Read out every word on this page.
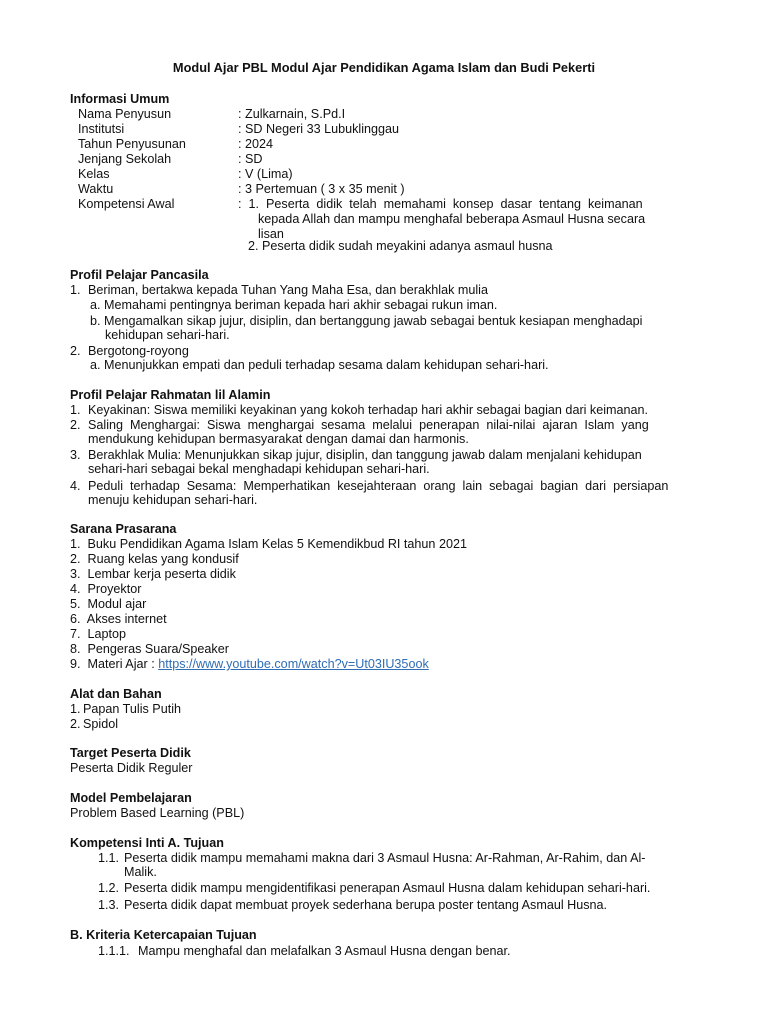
Modul Ajar PBL Modul Ajar Pendidikan Agama Islam dan Budi Pekerti
Informasi Umum
Nama Penyusun	: Zulkarnain, S.Pd.I
Institutsi	: SD Negeri 33 Lubuklinggau
Tahun Penyusunan	: 2024
Jenjang Sekolah	: SD
Kelas	: V (Lima)
Waktu	: 3 Pertemuan ( 3 x 35 menit )
Kompetensi Awal	:  1.  Peserta  didik  telah  memahami  konsep  dasar  tentang  keimanan
kepada Allah dan mampu menghafal beberapa Asmaul Husna secara
lisan
2. Peserta didik sudah meyakini adanya asmaul husna
Profil Pelajar Pancasila
1. Beriman, bertakwa kepada Tuhan Yang Maha Esa, dan berakhlak mulia
a. Memahami pentingnya beriman kepada hari akhir sebagai rukun iman.
b. Mengamalkan sikap jujur, disiplin, dan bertanggung jawab sebagai bentuk kesiapan menghadapi
kehidupan sehari-hari.
2. Bergotong-royong
a. Menunjukkan empati dan peduli terhadap sesama dalam kehidupan sehari-hari.
Profil Pelajar Rahmatan lil Alamin
1. Keyakinan: Siswa memiliki keyakinan yang kokoh terhadap hari akhir sebagai bagian dari keimanan.
2. Saling  Menghargai:  Siswa  menghargai  sesama  melalui  penerapan  nilai-nilai  ajaran  Islam  yang
mendukung kehidupan bermasyarakat dengan damai dan harmonis.
3. Berakhlak Mulia: Menunjukkan sikap jujur, disiplin, dan tanggung jawab dalam menjalani kehidupan
sehari-hari sebagai bekal menghadapi kehidupan sehari-hari.
4. Peduli  terhadap  Sesama:  Memperhatikan  kesejahteraan  orang  lain  sebagai  bagian  dari  persiapan
menuju kehidupan sehari-hari.
Sarana Prasarana
1.  Buku Pendidikan Agama Islam Kelas 5 Kemendikbud RI tahun 2021
2.  Ruang kelas yang kondusif
3.  Lembar kerja peserta didik
4.  Proyektor
5.  Modul ajar
6.  Akses internet
7.  Laptop
8.  Pengeras Suara/Speaker
9.  Materi Ajar : https://www.youtube.com/watch?v=Ut03IU35ook
Alat dan Bahan
1. Papan Tulis Putih
2. Spidol
Target Peserta Didik
Peserta Didik Reguler
Model Pembelajaran
Problem Based Learning (PBL)
Kompetensi Inti A. Tujuan
1.1. Peserta didik mampu memahami makna dari 3 Asmaul Husna: Ar-Rahman, Ar-Rahim, dan Al-
Malik.
1.2. Peserta didik mampu mengidentifikasi penerapan Asmaul Husna dalam kehidupan sehari-hari.
1.3. Peserta didik dapat membuat proyek sederhana berupa poster tentang Asmaul Husna.
B. Kriteria Ketercapaian Tujuan
1.1.1. Mampu menghafal dan melafalkan 3 Asmaul Husna dengan benar.
